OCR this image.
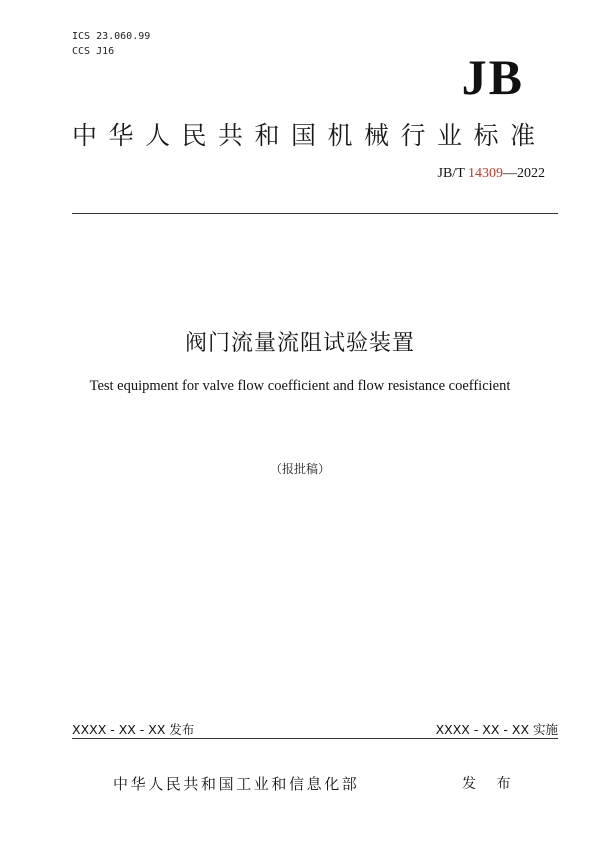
ICS 23.060.99
CCS J16	JB
中华人民共和国机械行业标准
JB/T 14309—2022
阀门流量流阻试验装置
Test equipment for valve flow coefficient and flow resistance coefficient
（报批稿）
XXXX - XX - XX 发布	XXXX - XX - XX 实施
中华人民共和国工业和信息化部	发 布
